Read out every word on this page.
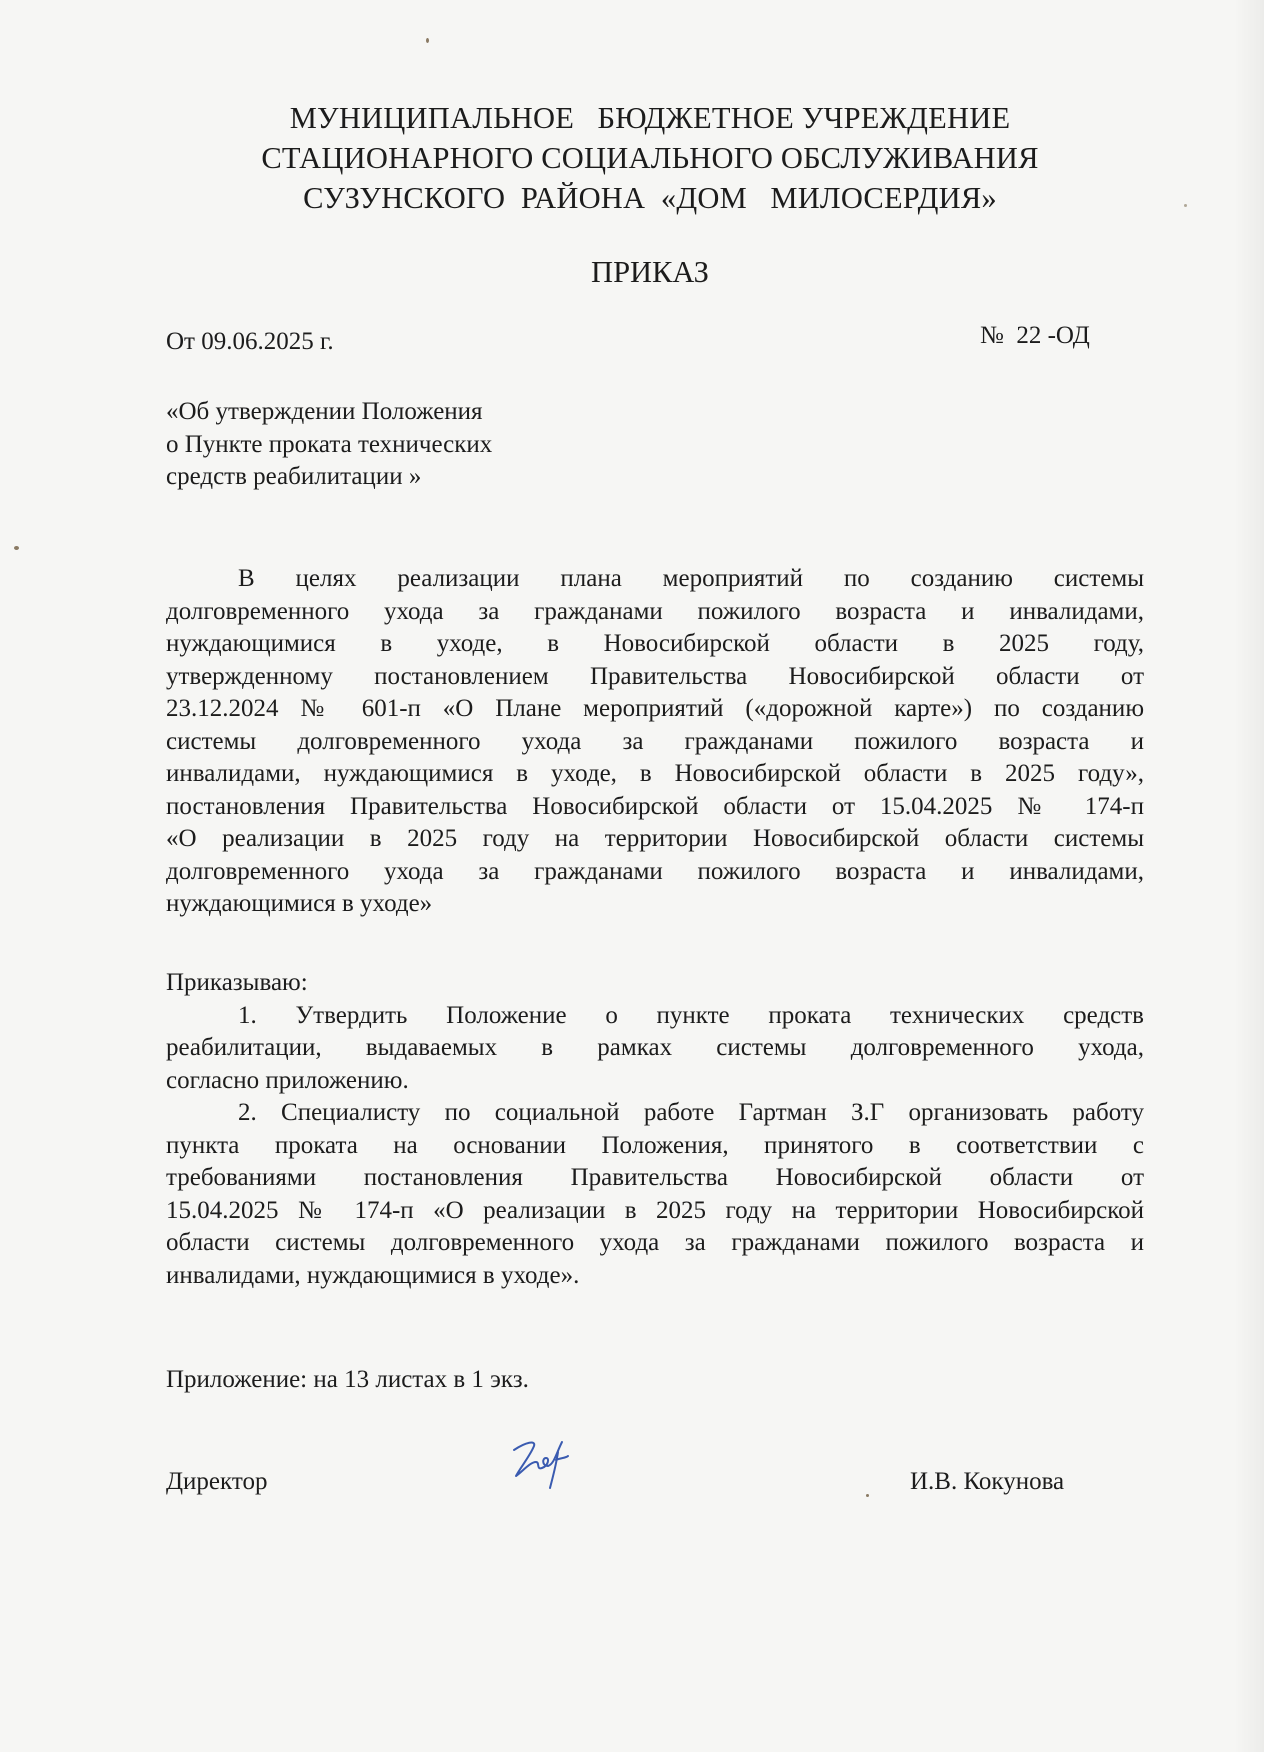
МУНИЦИПАЛЬНОЕ   БЮДЖЕТНОЕ УЧРЕЖДЕНИЕ
СТАЦИОНАРНОГО СОЦИАЛЬНОГО ОБСЛУЖИВАНИЯ
СУЗУНСКОГО  РАЙОНА  «ДОМ   МИЛОСЕРДИЯ»
ПРИКАЗ
От 09.06.2025 г.	№  22 -ОД
«Об утверждении Положения
о Пункте проката технических
средств реабилитации »
В целях реализации плана мероприятий по созданию системы
долговременного ухода за гражданами пожилого возраста и инвалидами,
нуждающимися в уходе, в Новосибирской области в 2025 году,
утвержденному постановлением Правительства Новосибирской области от
23.12.2024 № 601-п «О Плане мероприятий («дорожной карте») по созданию
системы долговременного ухода за гражданами пожилого возраста и
инвалидами, нуждающимися в уходе, в Новосибирской области в 2025 году»,
постановления Правительства Новосибирской области от 15.04.2025 № 174-п
«О реализации в 2025 году на территории Новосибирской области системы
долговременного ухода за гражданами пожилого возраста и инвалидами,
нуждающимися в уходе»
Приказываю:
1. Утвердить Положение о пункте проката технических средств
реабилитации, выдаваемых в рамках системы долговременного ухода,
согласно приложению.
2. Специалисту по социальной работе Гартман З.Г организовать работу
пункта проката на основании Положения, принятого в соответствии с
требованиями постановления Правительства Новосибирской области от
15.04.2025 № 174-п «О реализации в 2025 году на территории Новосибирской
области системы долговременного ухода за гражданами пожилого возраста и
инвалидами, нуждающимися в уходе».
Приложение: на 13 листах в 1 экз.
Директор	И.В. Кокунова
